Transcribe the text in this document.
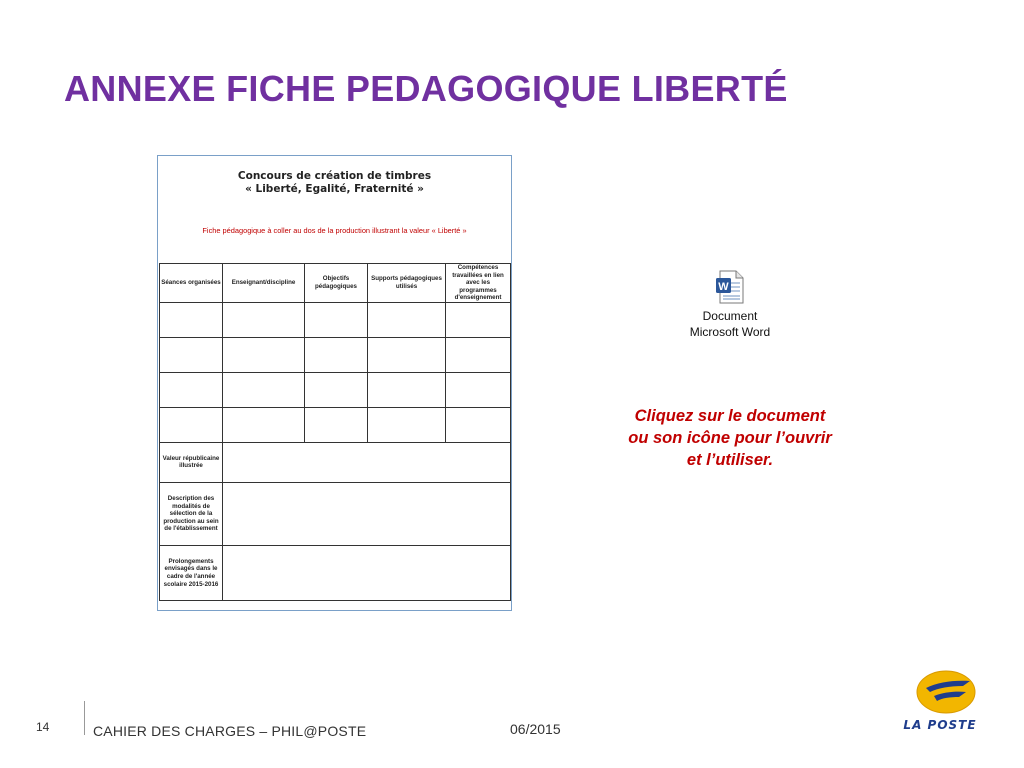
ANNEXE FICHE PEDAGOGIQUE LIBERTÉ
Concours de création de timbres
« Liberté, Egalité, Fraternité »
Fiche pédagogique à coller au dos de la production illustrant la valeur « Liberté »
Séances organisées	Enseignant/discipline	Objectifs pédagogiques	Supports pédagogiques utilisés	Compétences travaillées en lien avec les programmes d'enseignement

Valeur républicaine illustrée				
Description des modalités de sélection de la production au sein de l'établissement				
Prolongements envisagés dans le cadre de l'année scolaire 2015-2016				
W
Document
Microsoft Word
Cliquez sur le document
ou son icône pour l’ouvrir
et l’utiliser.
14	CAHIER DES CHARGES – PHIL@POSTE	06/2015	LA POSTE
